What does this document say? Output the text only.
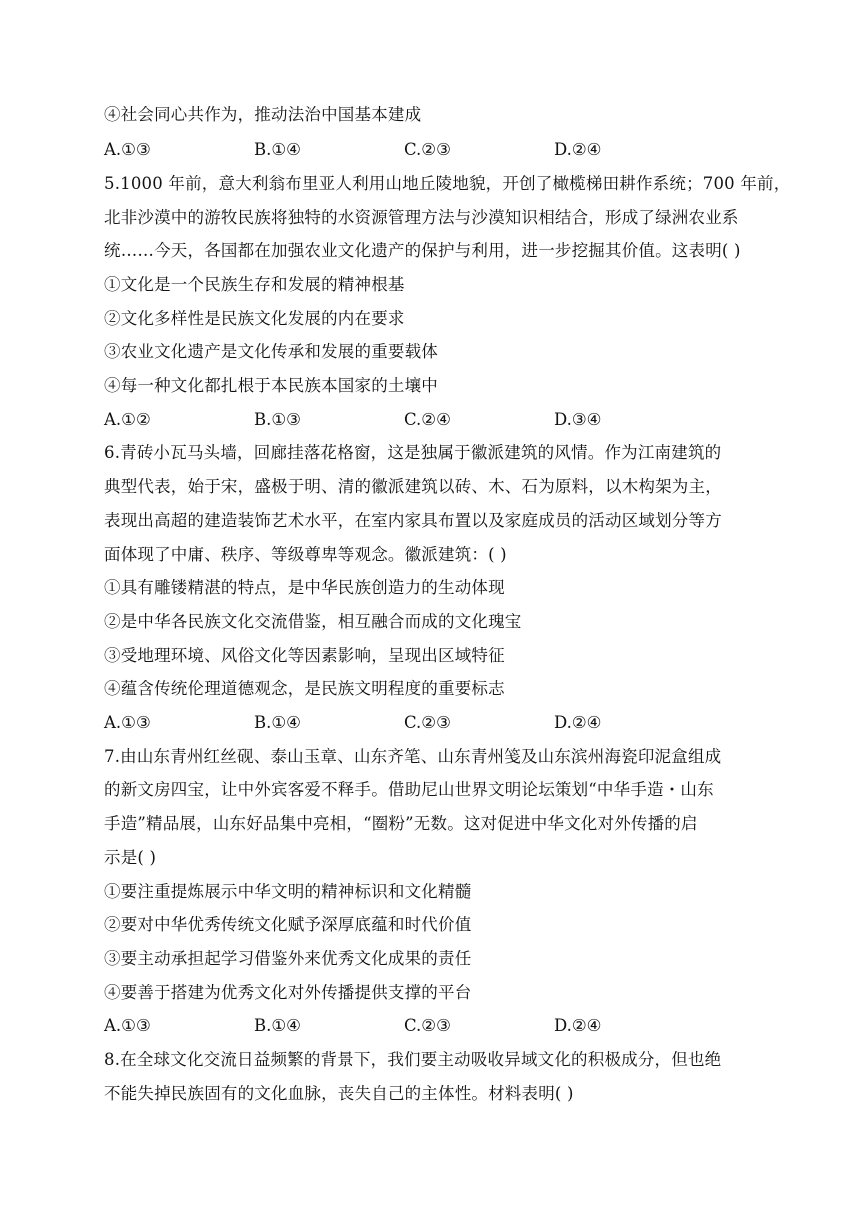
④社会同心共作为，推动法治中国基本建成
A.①③	B.①④	C.②③	D.②④
5.1000 年前，意大利翁布里亚人利用山地丘陵地貌，开创了橄榄梯田耕作系统；700 年前，
北非沙漠中的游牧民族将独特的水资源管理方法与沙漠知识相结合，形成了绿洲农业系
统……今天，各国都在加强农业文化遗产的保护与利用，进一步挖掘其价值。这表明( )
①文化是一个民族生存和发展的精神根基
②文化多样性是民族文化发展的内在要求
③农业文化遗产是文化传承和发展的重要载体
④每一种文化都扎根于本民族本国家的土壤中
A.①②	B.①③	C.②④	D.③④
6.青砖小瓦马头墙，回廊挂落花格窗，这是独属于徽派建筑的风情。作为江南建筑的
典型代表，始于宋，盛极于明、清的徽派建筑以砖、木、石为原料，以木构架为主，
表现出高超的建造装饰艺术水平，在室内家具布置以及家庭成员的活动区域划分等方
面体现了中庸、秩序、等级尊卑等观念。徽派建筑：( )
①具有雕镂精湛的特点，是中华民族创造力的生动体现
②是中华各民族文化交流借鉴，相互融合而成的文化瑰宝
③受地理环境、风俗文化等因素影响，呈现出区域特征
④蕴含传统伦理道德观念，是民族文明程度的重要标志
A.①③	B.①④	C.②③	D.②④
7.由山东青州红丝砚、泰山玉章、山东齐笔、山东青州笺及山东滨州海瓷印泥盒组成
的新文房四宝，让中外宾客爱不释手。借助尼山世界文明论坛策划“中华手造・山东
手造”精品展，山东好品集中亮相，“圈粉”无数。这对促进中华文化对外传播的启
示是( )
①要注重提炼展示中华文明的精神标识和文化精髓
②要对中华优秀传统文化赋予深厚底蕴和时代价值
③要主动承担起学习借鉴外来优秀文化成果的责任
④要善于搭建为优秀文化对外传播提供支撑的平台
A.①③	B.①④	C.②③	D.②④
8.在全球文化交流日益频繁的背景下，我们要主动吸收异域文化的积极成分，但也绝
不能失掉民族固有的文化血脉，丧失自己的主体性。材料表明( )
